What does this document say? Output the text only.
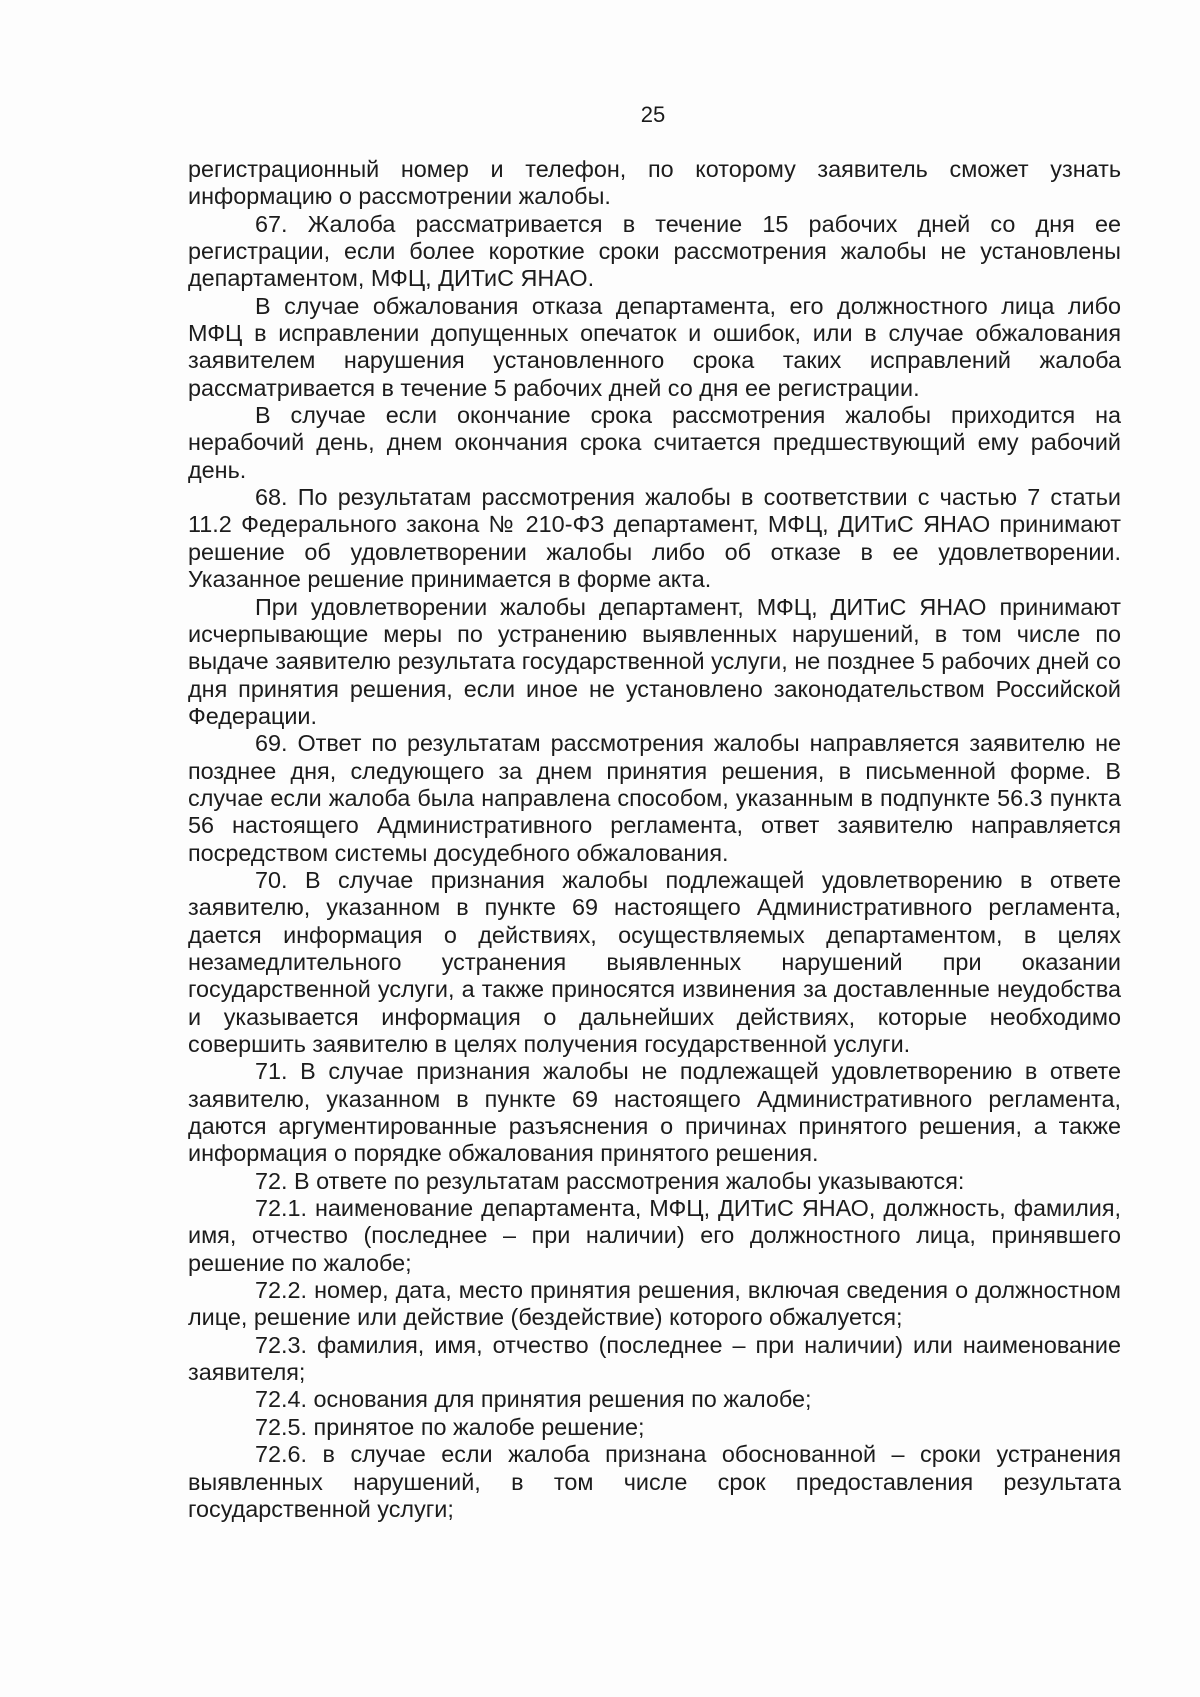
25

регистрационный номер и телефон, по которому заявитель сможет узнать информацию о рассмотрении жалобы.

67. Жалоба рассматривается в течение 15 рабочих дней со дня ее регистрации, если более короткие сроки рассмотрения жалобы не установлены департаментом, МФЦ, ДИТиС ЯНАО.

В случае обжалования отказа департамента, его должностного лица либо МФЦ в исправлении допущенных опечаток и ошибок, или в случае обжалования заявителем нарушения установленного срока таких исправлений жалоба рассматривается в течение 5 рабочих дней со дня ее регистрации.

В случае если окончание срока рассмотрения жалобы приходится на нерабочий день, днем окончания срока считается предшествующий ему рабочий день.

68. По результатам рассмотрения жалобы в соответствии с частью 7 статьи 11.2 Федерального закона № 210-ФЗ департамент, МФЦ, ДИТиС ЯНАО принимают решение об удовлетворении жалобы либо об отказе в ее удовлетворении. Указанное решение принимается в форме акта.

При удовлетворении жалобы департамент, МФЦ, ДИТиС ЯНАО принимают исчерпывающие меры по устранению выявленных нарушений, в том числе по выдаче заявителю результата государственной услуги, не позднее 5 рабочих дней со дня принятия решения, если иное не установлено законодательством Российской Федерации.

69. Ответ по результатам рассмотрения жалобы направляется заявителю не позднее дня, следующего за днем принятия решения, в письменной форме. В случае если жалоба была направлена способом, указанным в подпункте 56.3 пункта 56 настоящего Административного регламента, ответ заявителю направляется посредством системы досудебного обжалования.

70. В случае признания жалобы подлежащей удовлетворению в ответе заявителю, указанном в пункте 69 настоящего Административного регламента, дается информация о действиях, осуществляемых департаментом, в целях незамедлительного устранения выявленных нарушений при оказании государственной услуги, а также приносятся извинения за доставленные неудобства и указывается информация о дальнейших действиях, которые необходимо совершить заявителю в целях получения государственной услуги.

71. В случае признания жалобы не подлежащей удовлетворению в ответе заявителю, указанном в пункте 69 настоящего Административного регламента, даются аргументированные разъяснения о причинах принятого решения, а также информация о порядке обжалования принятого решения.

72. В ответе по результатам рассмотрения жалобы указываются:

72.1. наименование департамента, МФЦ, ДИТиС ЯНАО, должность, фамилия, имя, отчество (последнее – при наличии) его должностного лица, принявшего решение по жалобе;

72.2. номер, дата, место принятия решения, включая сведения о должностном лице, решение или действие (бездействие) которого обжалуется;

72.3. фамилия, имя, отчество (последнее – при наличии) или наименование заявителя;

72.4. основания для принятия решения по жалобе;

72.5. принятое по жалобе решение;

72.6. в случае если жалоба признана обоснованной – сроки устранения выявленных нарушений, в том числе срок предоставления результата государственной услуги;
